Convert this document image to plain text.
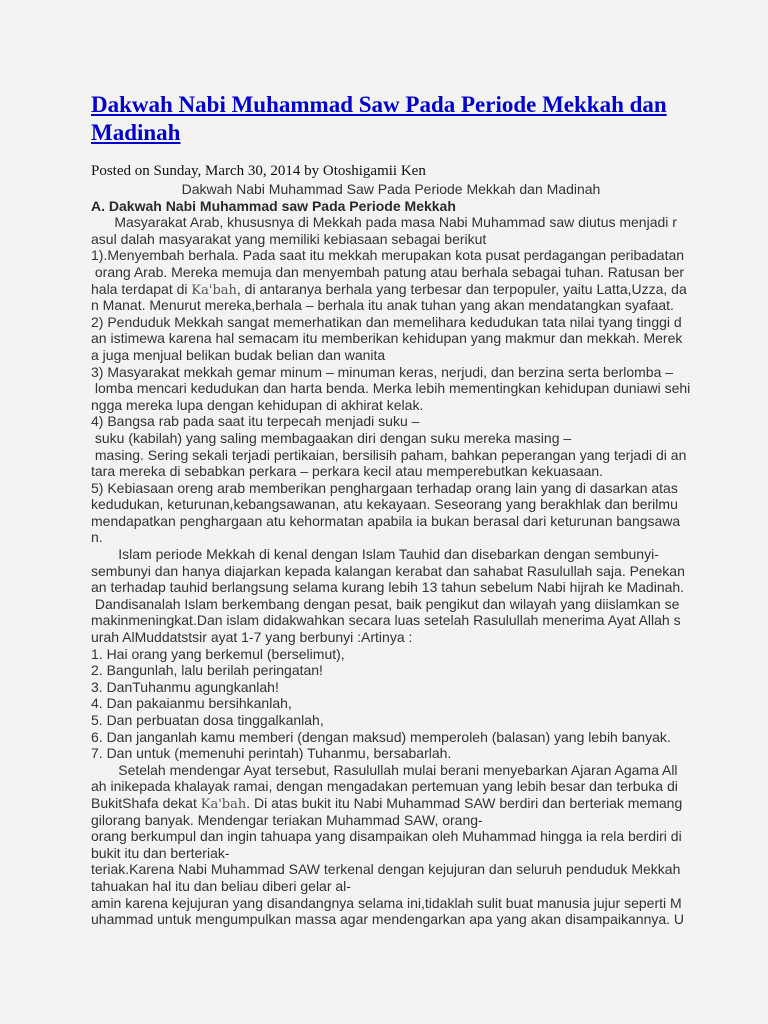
Dakwah Nabi Muhammad Saw Pada Periode Mekkah dan Madinah
Posted on Sunday, March 30, 2014 by Otoshigamii Ken
Dakwah Nabi Muhammad Saw Pada Periode Mekkah dan Madinah
A. Dakwah Nabi Muhammad saw Pada Periode Mekkah
Masyarakat Arab, khususnya di Mekkah pada masa Nabi Muhammad saw diutus menjadi r
asul dalah masyarakat yang memiliki kebiasaan sebagai berikut
1).Menyembah berhala. Pada saat itu mekkah merupakan kota pusat perdagangan peribadatan
orang Arab. Mereka memuja dan menyembah patung atau berhala sebagai tuhan. Ratusan ber
hala terdapat di Ka'bah, di antaranya berhala yang terbesar dan terpopuler, yaitu Latta,Uzza, da
n Manat. Menurut mereka,berhala – berhala itu anak tuhan yang akan mendatangkan syafaat.
2) Penduduk Mekkah sangat memerhatikan dan memelihara kedudukan tata nilai tyang tinggi d
an istimewa karena hal semacam itu memberikan kehidupan yang makmur dan mekkah. Merek
a juga menjual belikan budak belian dan wanita
3) Masyarakat mekkah gemar minum – minuman keras, nerjudi, dan berzina serta berlomba –
lomba mencari kedudukan dan harta benda. Merka lebih mementingkan kehidupan duniawi sehi
ngga mereka lupa dengan kehidupan di akhirat kelak.
4) Bangsa rab pada saat itu terpecah menjadi suku –
suku (kabilah) yang saling membagaakan diri dengan suku mereka masing –
masing. Sering sekali terjadi pertikaian, bersilisih paham, bahkan peperangan yang terjadi di an
tara mereka di sebabkan perkara – perkara kecil atau memperebutkan kekuasaan.
5) Kebiasaan oreng arab memberikan penghargaan terhadap orang lain yang di dasarkan atas
kedudukan, keturunan,kebangsawanan, atu kekayaan. Seseorang yang berakhlak dan berilmu
mendapatkan penghargaan atu kehormatan apabila ia bukan berasal dari keturunan bangsawa
n.
Islam periode Mekkah di kenal dengan Islam Tauhid dan disebarkan dengan sembunyi-
sembunyi dan hanya diajarkan kepada kalangan kerabat dan sahabat Rasulullah saja. Penekan
an terhadap tauhid berlangsung selama kurang lebih 13 tahun sebelum Nabi hijrah ke Madinah.
Dandisanalah Islam berkembang dengan pesat, baik pengikut dan wilayah yang diislamkan se
makinmeningkat.Dan islam didakwahkan secara luas setelah Rasulullah menerima Ayat Allah s
urah AlMuddatstsir ayat 1-7 yang berbunyi :Artinya :
1. Hai orang yang berkemul (berselimut),
2. Bangunlah, lalu berilah peringatan!
3. DanTuhanmu agungkanlah!
4. Dan pakaianmu bersihkanlah,
5. Dan perbuatan dosa tinggalkanlah,
6. Dan janganlah kamu memberi (dengan maksud) memperoleh (balasan) yang lebih banyak.
7. Dan untuk (memenuhi perintah) Tuhanmu, bersabarlah.
Setelah mendengar Ayat tersebut, Rasulullah mulai berani menyebarkan Ajaran Agama All
ah inikepada khalayak ramai, dengan mengadakan pertemuan yang lebih besar dan terbuka di
BukitShafa dekat Ka'bah. Di atas bukit itu Nabi Muhammad SAW berdiri dan berteriak memang
gilorang banyak. Mendengar teriakan Muhammad SAW, orang-
orang berkumpul dan ingin tahuapa yang disampaikan oleh Muhammad hingga ia rela berdiri di
bukit itu dan berteriak-
teriak.Karena Nabi Muhammad SAW terkenal dengan kejujuran dan seluruh penduduk Mekkah
tahuakan hal itu dan beliau diberi gelar al-
amin karena kejujuran yang disandangnya selama ini,tidaklah sulit buat manusia jujur seperti M
uhammad untuk mengumpulkan massa agar mendengarkan apa yang akan disampaikannya. U
